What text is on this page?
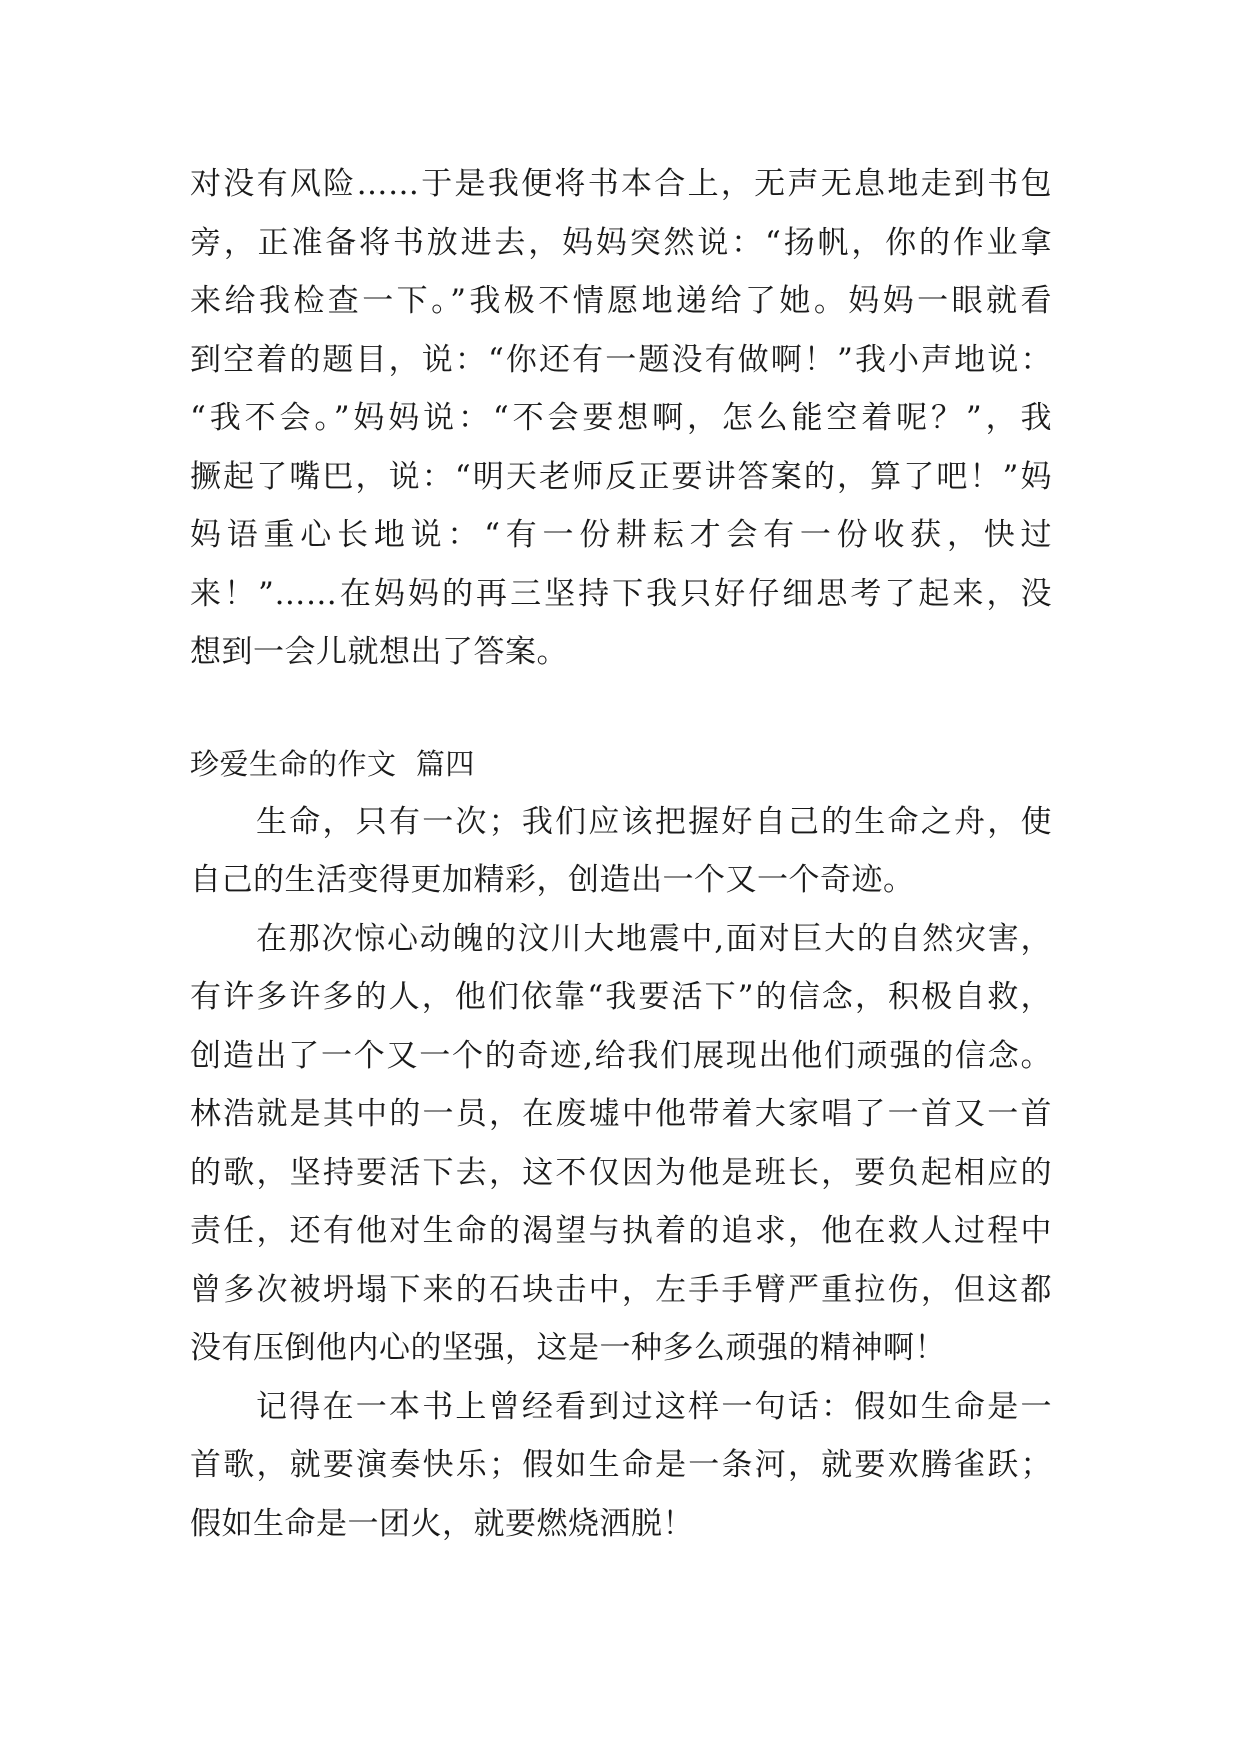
对没有风险……于是我便将书本合上，无声无息地走到书包
旁，正准备将书放进去，妈妈突然说：“扬帆，你的作业拿
来给我检查一下。”我极不情愿地递给了她。妈妈一眼就看
到空着的题目，说：“你还有一题没有做啊！”我小声地说：
“我不会。”妈妈说：“不会要想啊，怎么能空着呢？”，我
撅起了嘴巴，说：“明天老师反正要讲答案的，算了吧！”妈
妈语重心长地说：“有一份耕耘才会有一份收获，快过
来！”……在妈妈的再三坚持下我只好仔细思考了起来，没
想到一会儿就想出了答案。
珍爱生命的作文  篇四
生命，只有一次；我们应该把握好自己的生命之舟，使
自己的生活变得更加精彩，创造出一个又一个奇迹。
在那次惊心动魄的汶川大地震中,面对巨大的自然灾害，
有许多许多的人，他们依靠“我要活下”的信念，积极自救，
创造出了一个又一个的奇迹,给我们展现出他们顽强的信念。
林浩就是其中的一员，在废墟中他带着大家唱了一首又一首
的歌，坚持要活下去，这不仅因为他是班长，要负起相应的
责任，还有他对生命的渴望与执着的追求，他在救人过程中
曾多次被坍塌下来的石块击中，左手手臂严重拉伤，但这都
没有压倒他内心的坚强，这是一种多么顽强的精神啊！
记得在一本书上曾经看到过这样一句话：假如生命是一
首歌，就要演奏快乐；假如生命是一条河，就要欢腾雀跃；
假如生命是一团火，就要燃烧洒脱！
